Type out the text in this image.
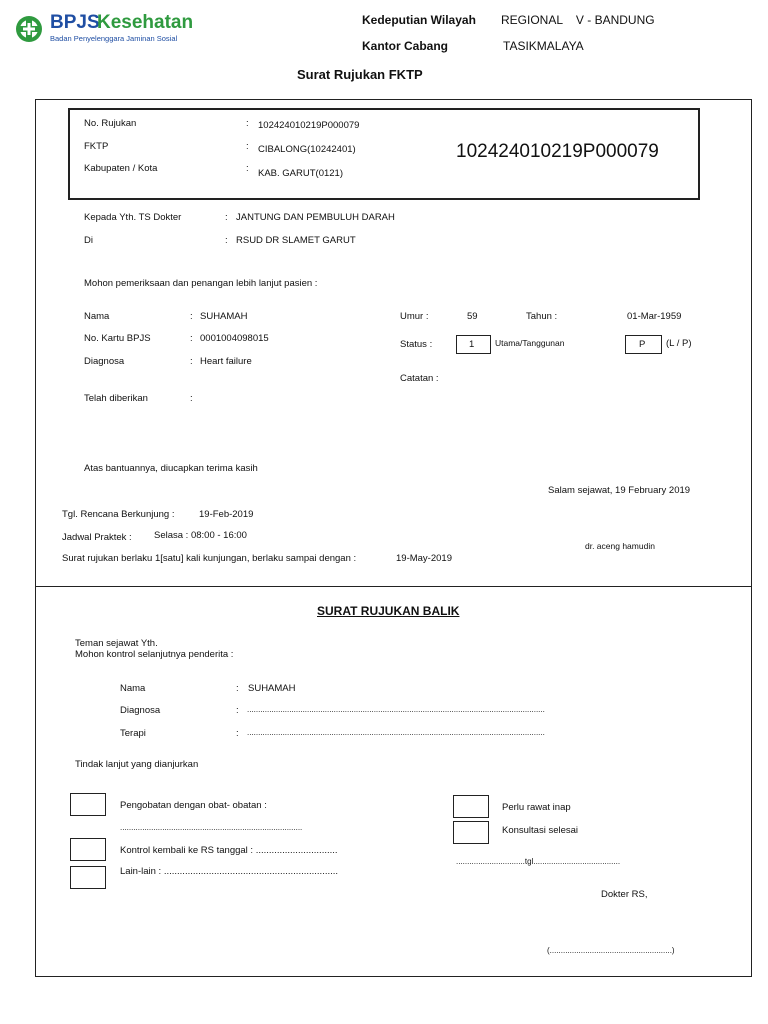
BPJS
Kesehatan
Badan Penyelenggara Jaminan Sosial
Kedeputian Wilayah REGIONAL    V - BANDUNG
Kantor Cabang	TASIKMALAYA
Surat Rujukan FKTP
No. Rujukan	: 102424010219P000079
FKTP	: CIBALONG(10242401)
Kabupaten / Kota	: KAB. GARUT(0121)
102424010219P000079
Kepada Yth. TS Dokter	: JANTUNG DAN PEMBULUH DARAH
Di	: RSUD DR SLAMET GARUT
Mohon pemeriksaan dan penangan lebih lanjut pasien :
Nama	: SUHAMAH
No. Kartu BPJS	: 0001004098015
Diagnosa	: Heart failure
Telah diberikan	:
Umur :	59	Tahun :	01-Mar-1959
Status :	1 Utama/Tanggunan	P (L / P)
Catatan :
Atas bantuannya, diucapkan terima kasih
Salam sejawat, 19 February 2019
Tgl. Rencana Berkunjung :	19-Feb-2019
Jadwal Praktek : Selasa : 08:00 - 16:00
Surat rujukan berlaku 1[satu] kali kunjungan, berlaku sampai dengan :	19-May-2019
dr. aceng hamudin
SURAT RUJUKAN BALIK
Teman sejawat Yth.
Mohon kontrol selanjutnya penderita :
Nama	: SUHAMAH
Diagnosa	: ......................................................................................................................................
Terapi	: ......................................................................................................................................
Tindak lanjut yang dianjurkan
Pengobatan dengan obat- obatan :
..................................................................................
Kontrol kembali ke RS tanggal : ...............................
Lain-lain : ..................................................................
Perlu rawat inap
Konsultasi selesai
...............................tgl.......................................
Dokter RS,
(.......................................................)
